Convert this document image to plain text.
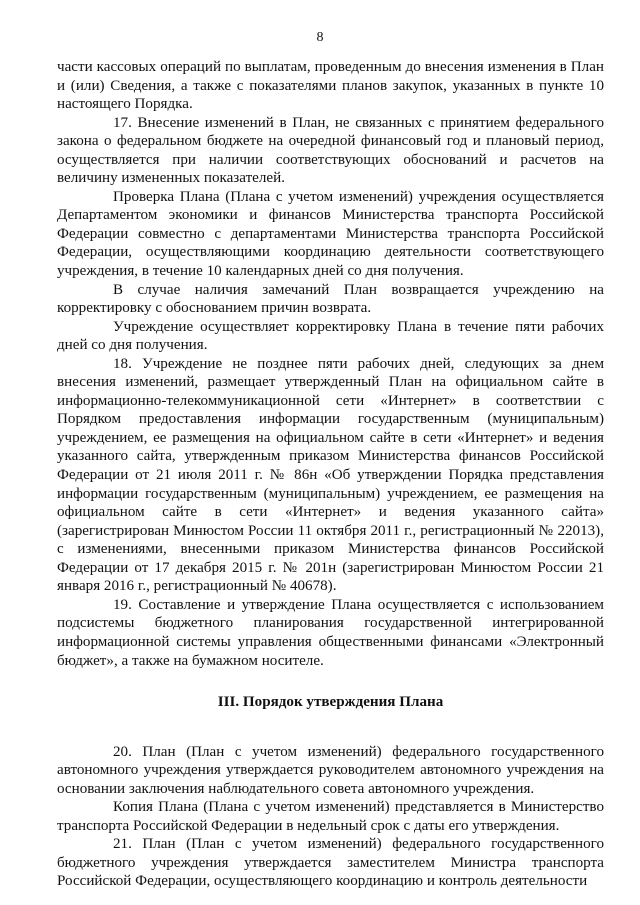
8

части кассовых операций по выплатам, проведенным до внесения изменения в План и (или) Сведения, а также с показателями планов закупок, указанных в пункте 10 настоящего Порядка.

17. Внесение изменений в План, не связанных с принятием федерального закона о федеральном бюджете на очередной финансовый год и плановый период, осуществляется при наличии соответствующих обоснований и расчетов на величину измененных показателей.

Проверка Плана (Плана с учетом изменений) учреждения осуществляется Департаментом экономики и финансов Министерства транспорта Российской Федерации совместно с департаментами Министерства транспорта Российской Федерации, осуществляющими координацию деятельности соответствующего учреждения, в течение 10 календарных дней со дня получения.

В случае наличия замечаний План возвращается учреждению на корректировку с обоснованием причин возврата.

Учреждение осуществляет корректировку Плана в течение пяти рабочих дней со дня получения.

18. Учреждение не позднее пяти рабочих дней, следующих за днем внесения изменений, размещает утвержденный План на официальном сайте в информационно-телекоммуникационной сети «Интернет» в соответствии с Порядком предоставления информации государственным (муниципальным) учреждением, ее размещения на официальном сайте в сети «Интернет» и ведения указанного сайта, утвержденным приказом Министерства финансов Российской Федерации от 21 июля 2011 г. № 86н «Об утверждении Порядка представления информации государственным (муниципальным) учреждением, ее размещения на официальном сайте в сети «Интернет» и ведения указанного сайта» (зарегистрирован Минюстом России 11 октября 2011 г., регистрационный № 22013), с изменениями, внесенными приказом Министерства финансов Российской Федерации от 17 декабря 2015 г. № 201н (зарегистрирован Минюстом России 21 января 2016 г., регистрационный № 40678).

19. Составление и утверждение Плана осуществляется с использованием подсистемы бюджетного планирования государственной интегрированной информационной системы управления общественными финансами «Электронный бюджет», а также на бумажном носителе.

III. Порядок утверждения Плана

20. План (План с учетом изменений) федерального государственного автономного учреждения утверждается руководителем автономного учреждения на основании заключения наблюдательного совета автономного учреждения.

Копия Плана (Плана с учетом изменений) представляется в Министерство транспорта Российской Федерации в недельный срок с даты его утверждения.

21. План (План с учетом изменений) федерального государственного бюджетного учреждения утверждается заместителем Министра транспорта Российской Федерации, осуществляющего координацию и контроль деятельности
